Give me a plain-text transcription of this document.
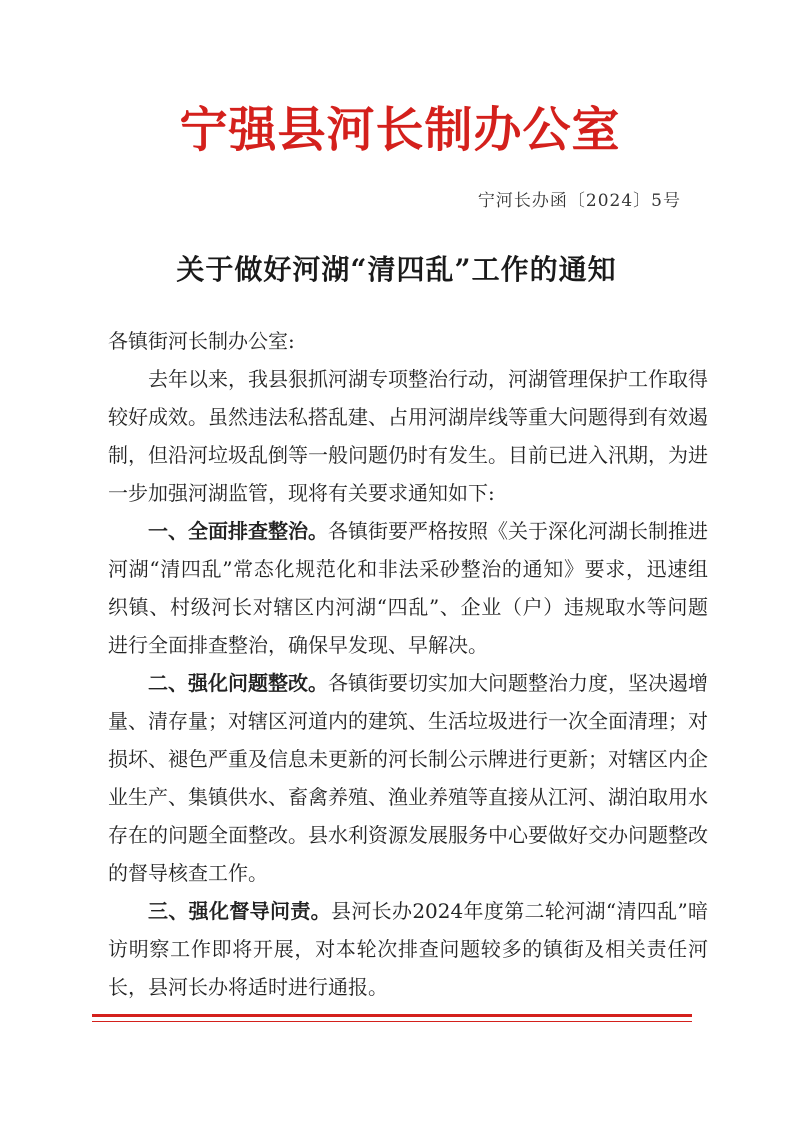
宁强县河长制办公室
宁河长办函〔2024〕5号
关于做好河湖“清四乱”工作的通知

各镇街河长制办公室:

去年以来，我县狠抓河湖专项整治行动，河湖管理保护工作取得较好成效。虽然违法私搭乱建、占用河湖岸线等重大问题得到有效遏制，但沿河垃圾乱倒等一般问题仍时有发生。目前已进入汛期，为进一步加强河湖监管，现将有关要求通知如下:

一、全面排查整治。各镇街要严格按照《关于深化河湖长制推进河湖“清四乱”常态化规范化和非法采砂整治的通知》要求，迅速组织镇、村级河长对辖区内河湖“四乱”、企业（户）违规取水等问题进行全面排查整治，确保早发现、早解决。

二、强化问题整改。各镇街要切实加大问题整治力度，坚决遏增量、清存量；对辖区河道内的建筑、生活垃圾进行一次全面清理；对损坏、褪色严重及信息未更新的河长制公示牌进行更新；对辖区内企业生产、集镇供水、畜禽养殖、渔业养殖等直接从江河、湖泊取用水存在的问题全面整改。县水利资源发展服务中心要做好交办问题整改的督导核查工作。

三、强化督导问责。县河长办2024年度第二轮河湖“清四乱”暗访明察工作即将开展，对本轮次排查问题较多的镇街及相关责任河长，县河长办将适时进行通报。
